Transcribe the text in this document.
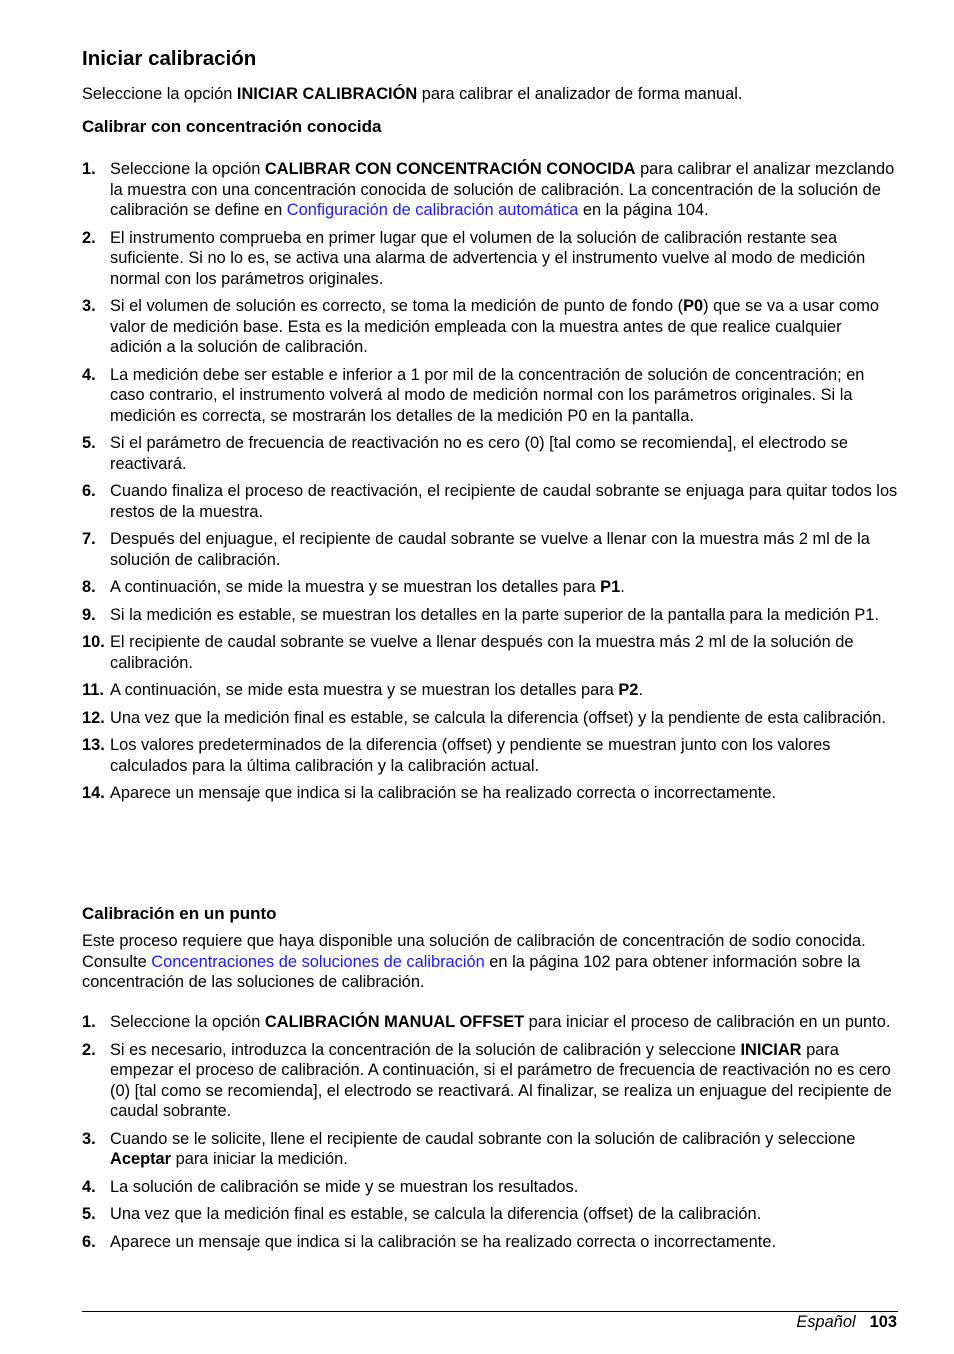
Iniciar calibración

Seleccione la opción INICIAR CALIBRACIÓN para calibrar el analizador de forma manual.

Calibrar con concentración conocida
1. Seleccione la opción CALIBRAR CON CONCENTRACIÓN CONOCIDA para calibrar el analizar mezclando la muestra con una concentración conocida de solución de calibración. La concentración de la solución de calibración se define en Configuración de calibración automática en la página 104.
2. El instrumento comprueba en primer lugar que el volumen de la solución de calibración restante sea suficiente. Si no lo es, se activa una alarma de advertencia y el instrumento vuelve al modo de medición normal con los parámetros originales.
3. Si el volumen de solución es correcto, se toma la medición de punto de fondo (P0) que se va a usar como valor de medición base. Esta es la medición empleada con la muestra antes de que realice cualquier adición a la solución de calibración.
4. La medición debe ser estable e inferior a 1 por mil de la concentración de solución de concentración; en caso contrario, el instrumento volverá al modo de medición normal con los parámetros originales. Si la medición es correcta, se mostrarán los detalles de la medición P0 en la pantalla.
5. Si el parámetro de frecuencia de reactivación no es cero (0) [tal como se recomienda], el electrodo se reactivará.
6. Cuando finaliza el proceso de reactivación, el recipiente de caudal sobrante se enjuaga para quitar todos los restos de la muestra.
7. Después del enjuague, el recipiente de caudal sobrante se vuelve a llenar con la muestra más 2 ml de la solución de calibración.
8. A continuación, se mide la muestra y se muestran los detalles para P1.
9. Si la medición es estable, se muestran los detalles en la parte superior de la pantalla para la medición P1.
10. El recipiente de caudal sobrante se vuelve a llenar después con la muestra más 2 ml de la solución de calibración.
11. A continuación, se mide esta muestra y se muestran los detalles para P2.
12. Una vez que la medición final es estable, se calcula la diferencia (offset) y la pendiente de esta calibración.
13. Los valores predeterminados de la diferencia (offset) y pendiente se muestran junto con los valores calculados para la última calibración y la calibración actual.
14. Aparece un mensaje que indica si la calibración se ha realizado correcta o incorrectamente.
Calibración en un punto

Este proceso requiere que haya disponible una solución de calibración de concentración de sodio conocida. Consulte Concentraciones de soluciones de calibración en la página 102 para obtener información sobre la concentración de las soluciones de calibración.

1. Seleccione la opción CALIBRACIÓN MANUAL OFFSET para iniciar el proceso de calibración en un punto.
2. Si es necesario, introduzca la concentración de la solución de calibración y seleccione INICIAR para empezar el proceso de calibración. A continuación, si el parámetro de frecuencia de reactivación no es cero (0) [tal como se recomienda], el electrodo se reactivará. Al finalizar, se realiza un enjuague del recipiente de caudal sobrante.
3. Cuando se le solicite, llene el recipiente de caudal sobrante con la solución de calibración y seleccione Aceptar para iniciar la medición.
4. La solución de calibración se mide y se muestran los resultados.
5. Una vez que la medición final es estable, se calcula la diferencia (offset) de la calibración.
6. Aparece un mensaje que indica si la calibración se ha realizado correcta o incorrectamente.
Español 103
